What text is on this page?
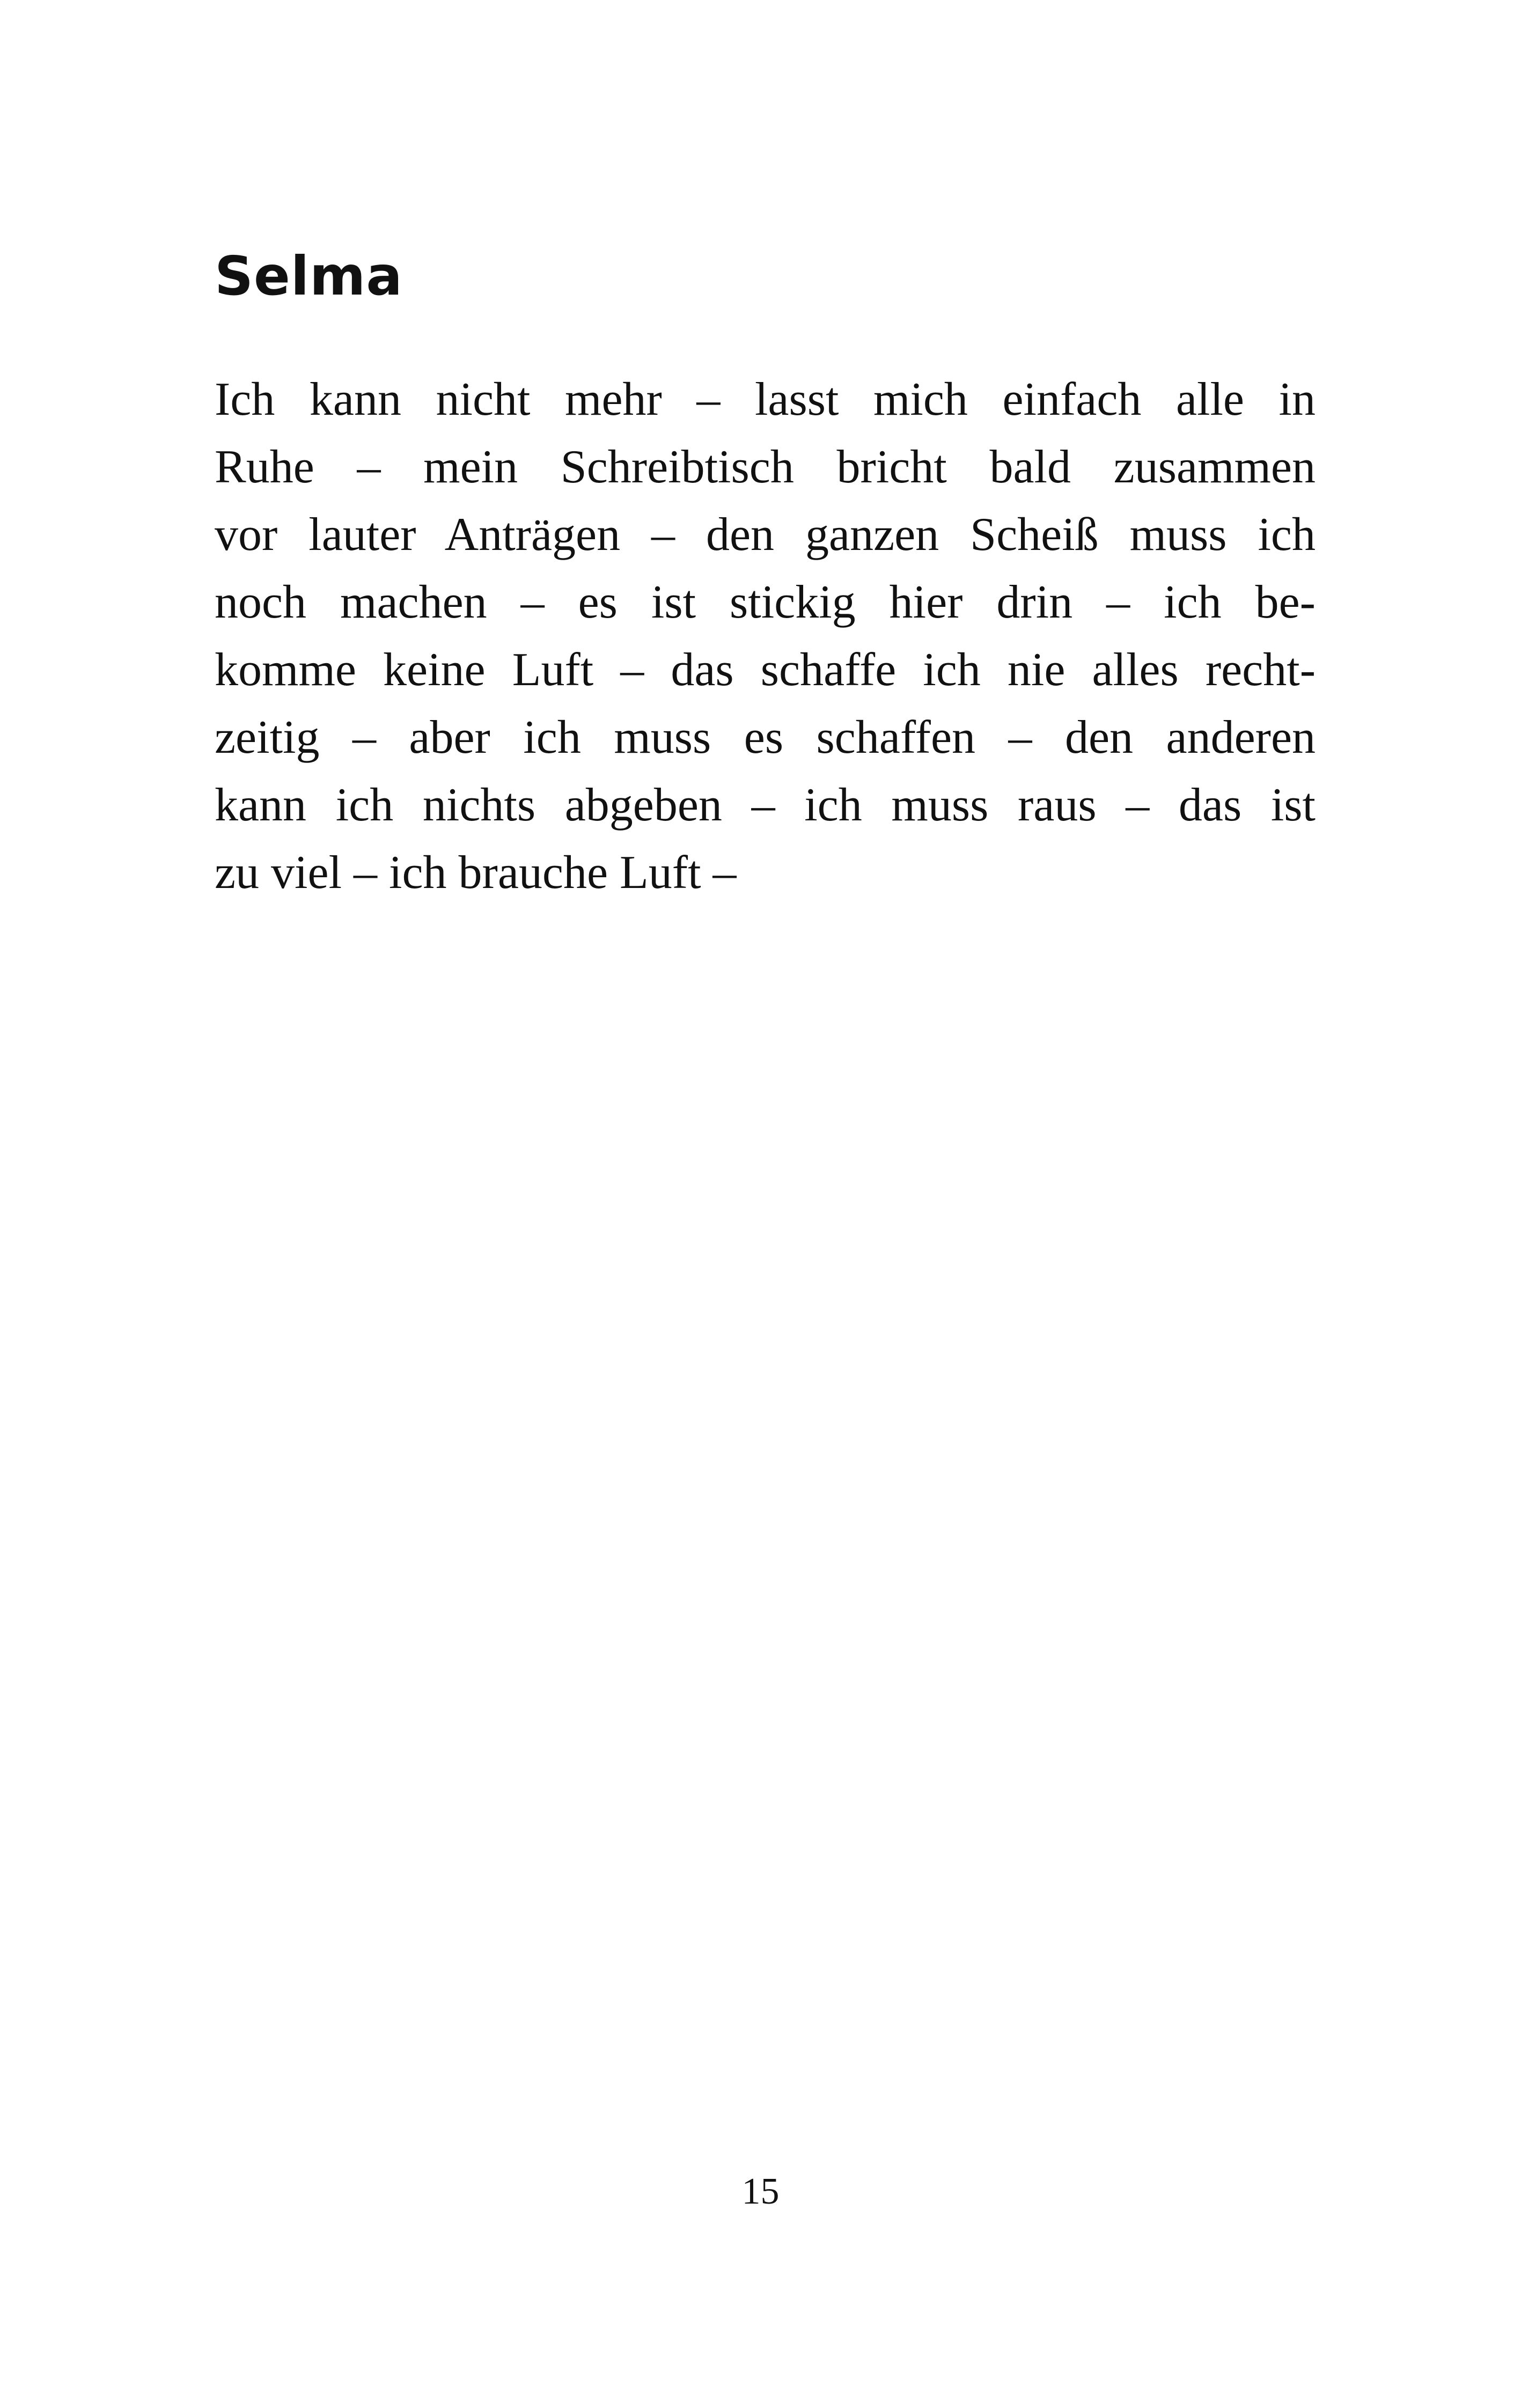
Selma
Ich kann nicht mehr – lasst mich einfach alle in
Ruhe – mein Schreibtisch bricht bald zusammen
vor lauter Anträgen – den ganzen Scheiß muss ich
noch machen – es ist stickig hier drin – ich be-
komme keine Luft – das schaffe ich nie alles recht-
zeitig – aber ich muss es schaffen – den anderen
kann ich nichts abgeben – ich muss raus – das ist
zu viel – ich brauche Luft –
15
